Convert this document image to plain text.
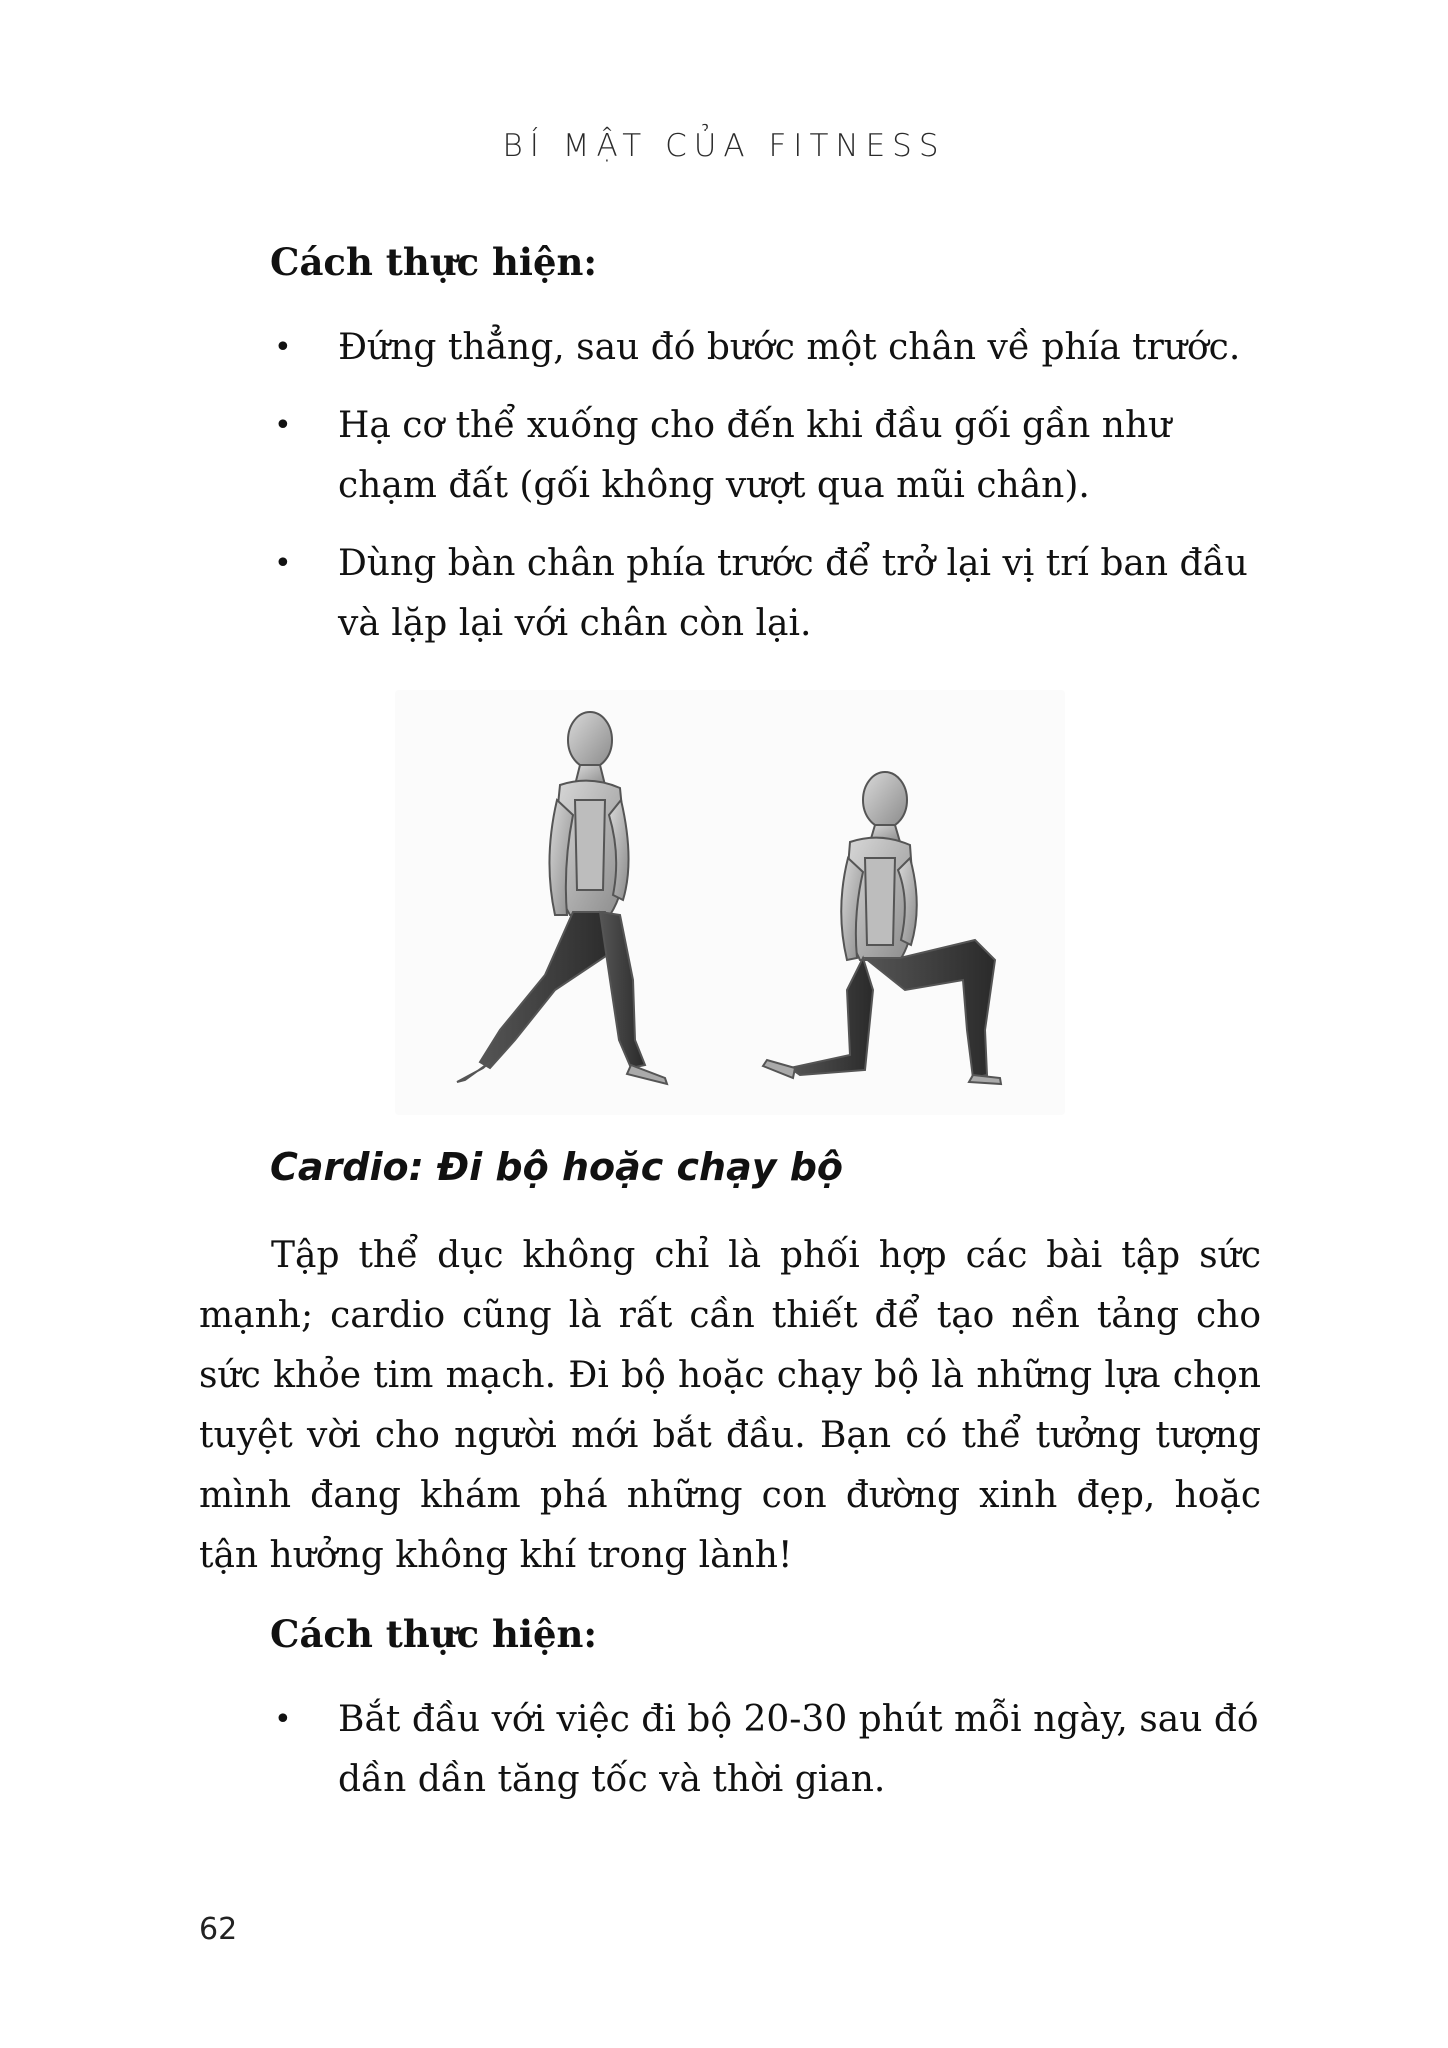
BÍ MẬT CỦA FITNESS
Cách thực hiện:
• Đứng thẳng, sau đó bước một chân về phía trước.
• Hạ cơ thể xuống cho đến khi đầu gối gần như chạm đất (gối không vượt qua mũi chân).
• Dùng bàn chân phía trước để trở lại vị trí ban đầu và lặp lại với chân còn lại.
Cardio: Đi bộ hoặc chạy bộ

Tập thể dục không chỉ là phối hợp các bài tập sức mạnh; cardio cũng là rất cần thiết để tạo nền tảng cho sức khỏe tim mạch. Đi bộ hoặc chạy bộ là những lựa chọn tuyệt vời cho người mới bắt đầu. Bạn có thể tưởng tượng mình đang khám phá những con đường xinh đẹp, hoặc tận hưởng không khí trong lành!

Cách thực hiện:
• Bắt đầu với việc đi bộ 20-30 phút mỗi ngày, sau đó dần dần tăng tốc và thời gian.
62
